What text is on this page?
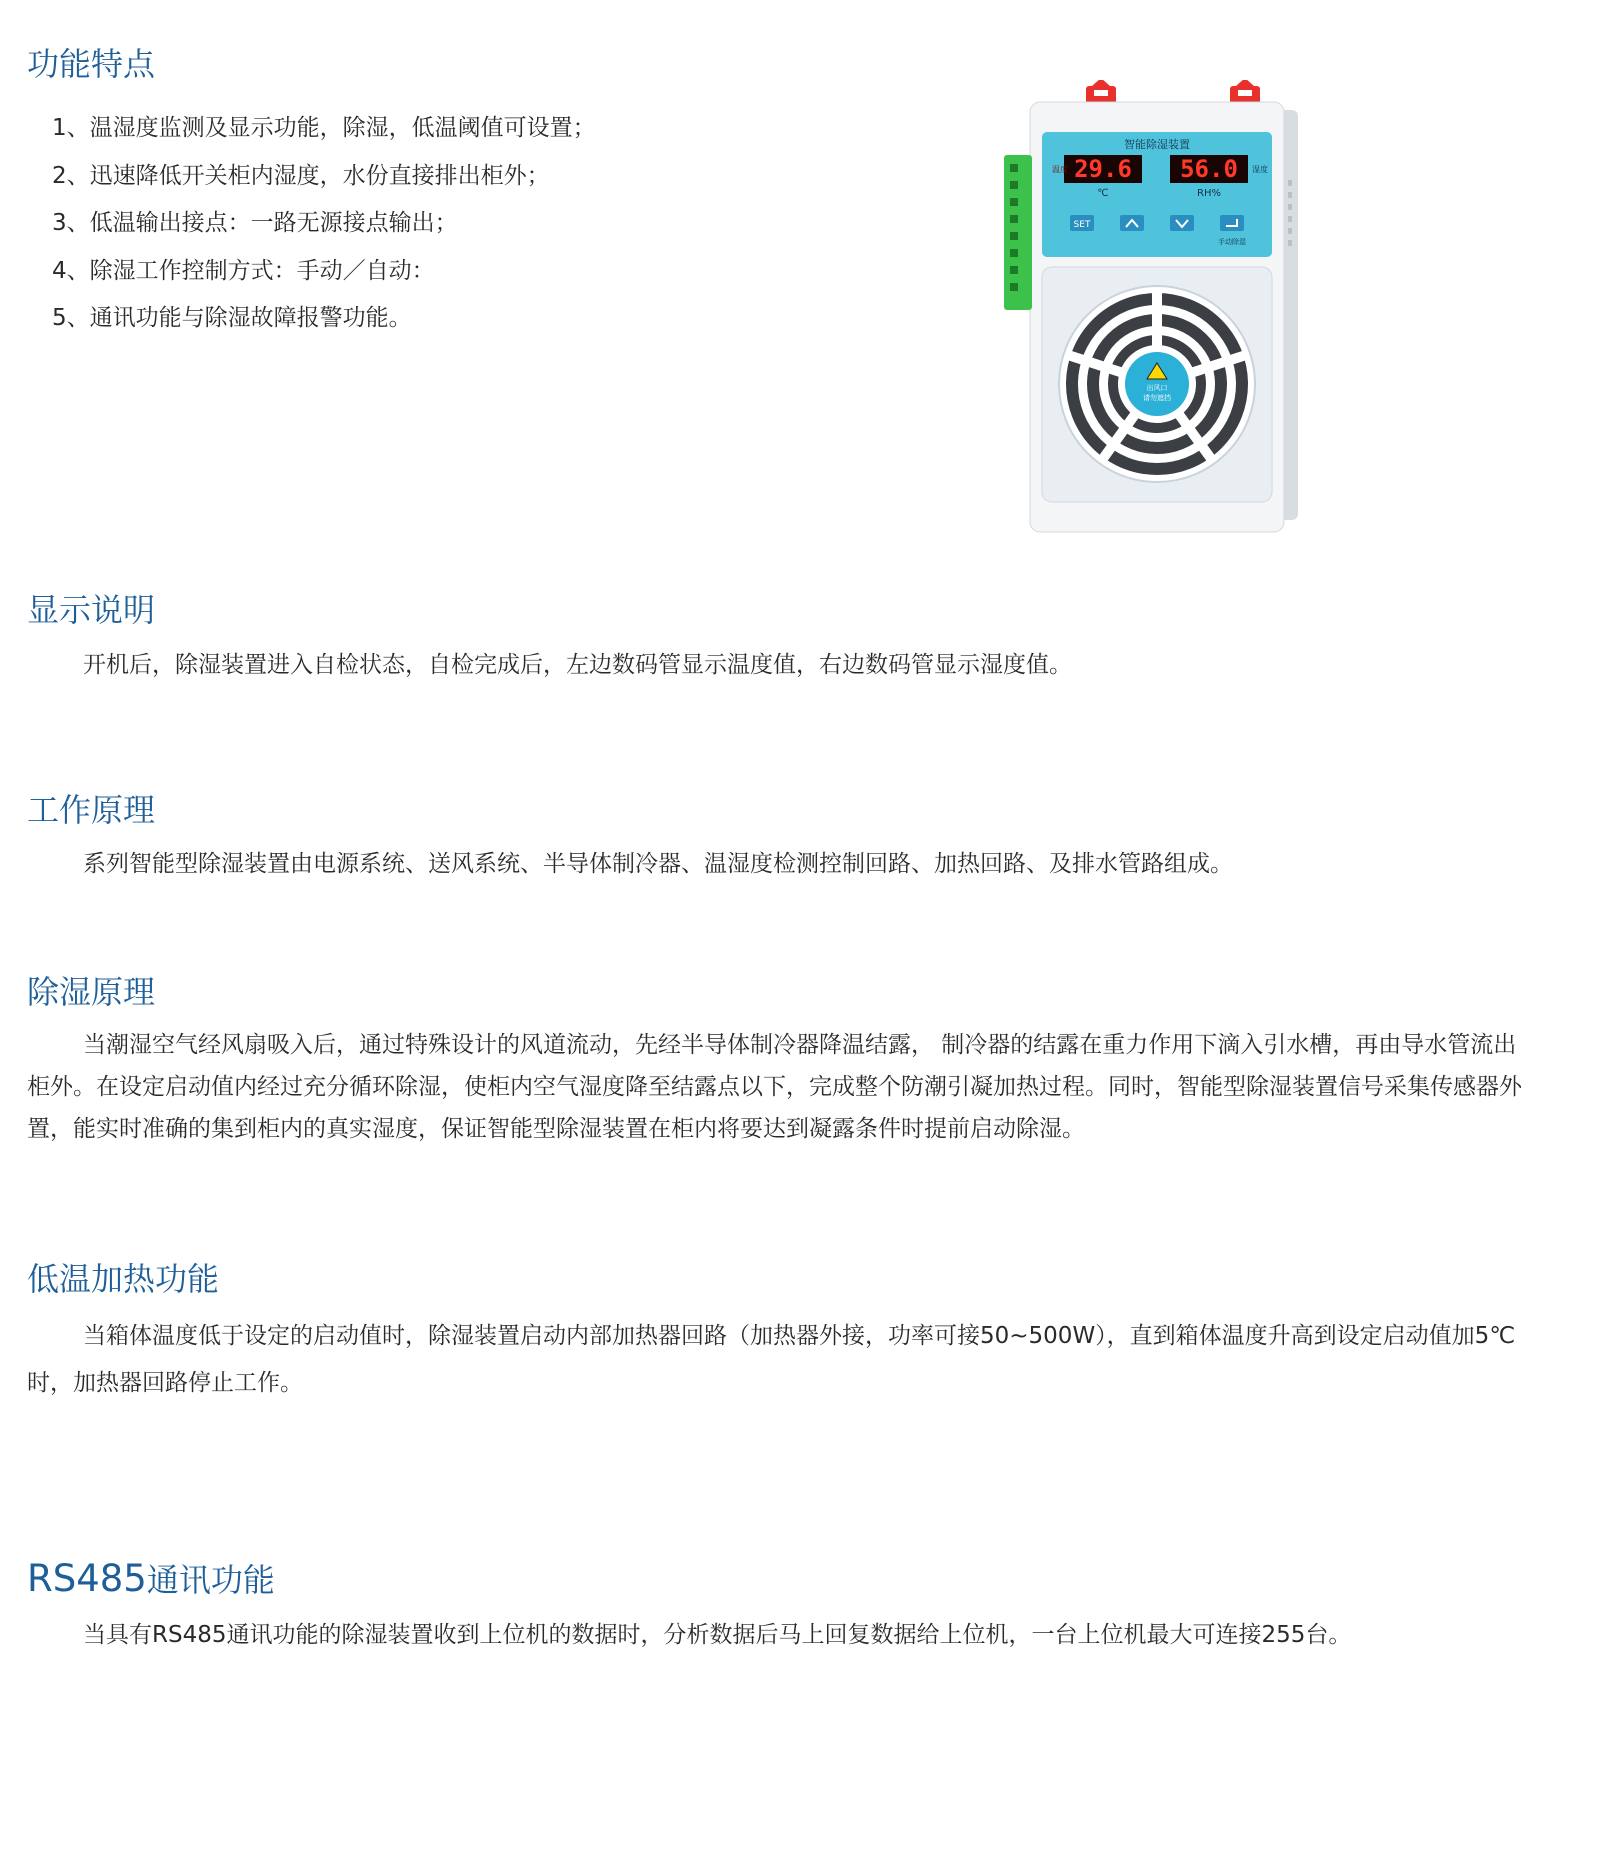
功能特点
1、温湿度监测及显示功能，除湿，低温阈值可设置；
2、迅速降低开关柜内湿度，水份直接排出柜外；
3、低温输出接点：一路无源接点输出；
4、除湿工作控制方式：手动／自动：
5、通讯功能与除湿故障报警功能。
智能除湿装置
29.6 56.0
温度	湿度
℃	RH%
SET
手动除湿
出风口
请勿遮挡
显示说明

开机后，除湿装置进入自检状态，自检完成后，左边数码管显示温度值，右边数码管显示湿度值。

工作原理

系列智能型除湿装置由电源系统、送风系统、半导体制冷器、温湿度检测控制回路、加热回路、及排水管路组成。

除湿原理

当潮湿空气经风扇吸入后，通过特殊设计的风道流动，先经半导体制冷器降温结露， 制冷器的结露在重力作用下滴入引水槽，再由导水管流出柜外。在设定启动值内经过充分循环除湿，使柜内空气湿度降至结露点以下，完成整个防潮引凝加热过程。同时，智能型除湿装置信号采集传感器外置，能实时准确的集到柜内的真实湿度，保证智能型除湿装置在柜内将要达到凝露条件时提前启动除湿。

低温加热功能

当箱体温度低于设定的启动值时，除湿装置启动内部加热器回路（加热器外接，功率可接50~500W），直到箱体温度升高到设定启动值加5℃时，加热器回路停止工作。

RS485通讯功能

当具有RS485通讯功能的除湿装置收到上位机的数据时，分析数据后马上回复数据给上位机，一台上位机最大可连接255台。
